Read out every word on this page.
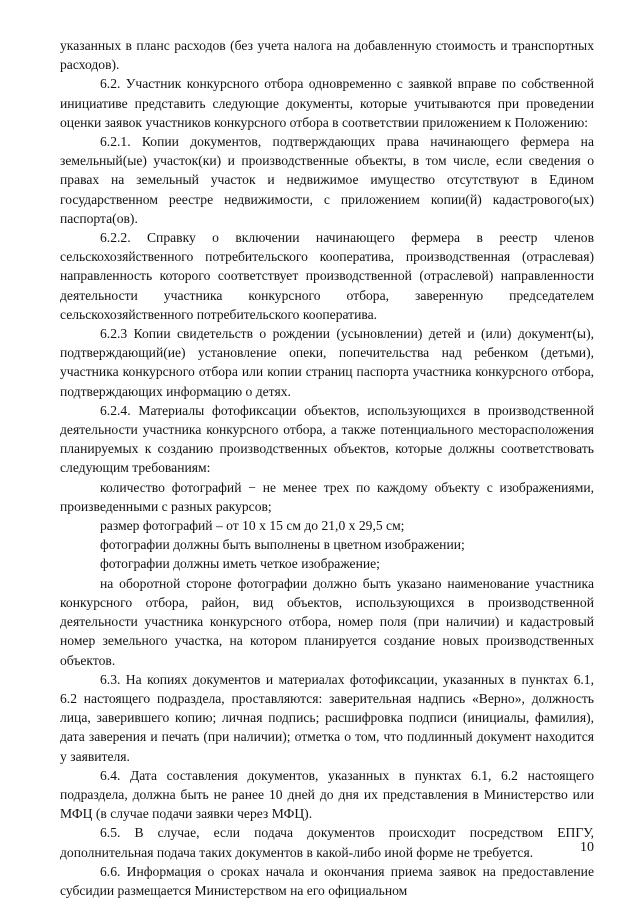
указанных в планс расходов (без учета налога на добавленную стоимость и транспортных расходов).

6.2. Участник конкурсного отбора одновременно с заявкой вправе по собственной инициативе представить следующие документы, которые учитываются при проведении оценки заявок участников конкурсного отбора в соответствии приложением к Положению:

6.2.1. Копии документов, подтверждающих права начинающего фермера на земельный(ые) участок(ки) и производственные объекты, в том числе, если сведения о правах на земельный участок и недвижимое имущество отсутствуют в Едином государственном реестре недвижимости, с приложением копии(й) кадастрового(ых) паспорта(ов).

6.2.2. Справку о включении начинающего фермера в реестр членов сельскохозяйственного потребительского кооператива, производственная (отраслевая) направленность которого соответствует производственной (отраслевой) направленности деятельности участника конкурсного отбора, заверенную председателем сельскохозяйственного потребительского кооператива.

6.2.3 Копии свидетельств о рождении (усыновлении) детей и (или) документ(ы), подтверждающий(ие) установление опеки, попечительства над ребенком (детьми), участника конкурсного отбора или копии страниц паспорта участника конкурсного отбора, подтверждающих информацию о детях.

6.2.4. Материалы фотофиксации объектов, использующихся в производственной деятельности участника конкурсного отбора, а также потенциального месторасположения планируемых к созданию производственных объектов, которые должны соответствовать следующим требованиям:

количество фотографий − не менее трех по каждому объекту с изображениями, произведенными с разных ракурсов;

размер фотографий – от 10 х 15 см до 21,0 х 29,5 см;

фотографии должны быть выполнены в цветном изображении;

фотографии должны иметь четкое изображение;

на оборотной стороне фотографии должно быть указано наименование участника конкурсного отбора, район, вид объектов, использующихся в производственной деятельности участника конкурсного отбора, номер поля (при наличии) и кадастровый номер земельного участка, на котором планируется создание новых производственных объектов.

6.3. На копиях документов и материалах фотофиксации, указанных в пунктах 6.1, 6.2 настоящего подраздела, проставляются: заверительная надпись «Верно», должность лица, заверившего копию; личная подпись; расшифровка подписи (инициалы, фамилия), дата заверения и печать (при наличии); отметка о том, что подлинный документ находится у заявителя.

6.4. Дата составления документов, указанных в пунктах 6.1, 6.2 настоящего подраздела, должна быть не ранее 10 дней до дня их представления в Министерство или МФЦ (в случае подачи заявки через МФЦ).

6.5. В случае, если подача документов происходит посредством ЕПГУ, дополнительная подача таких документов в какой-либо иной форме не требуется.

6.6. Информация о сроках начала и окончания приема заявок на предоставление субсидии размещается Министерством на его официальном

10
